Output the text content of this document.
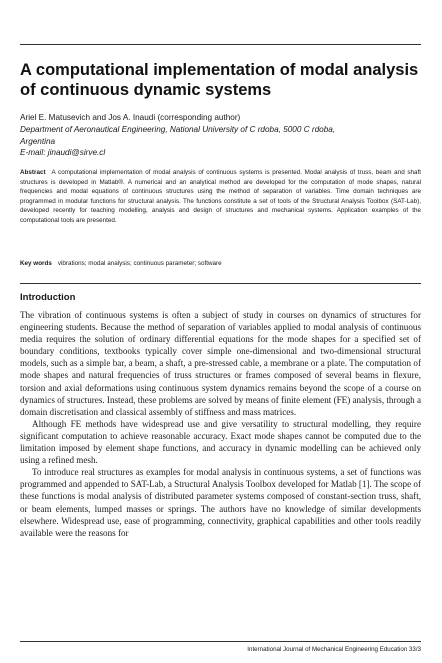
A computational implementation of modal analysis of continuous dynamic systems
Ariel E. Matusevich and Jos A. Inaudi (corresponding author)
Department of Aeronautical Engineering, National University of C rdoba, 5000 C rdoba,
Argentina
E-mail: jinaudi@sirve.cl

Abstract A computational implementation of modal analysis of continuous systems is presented. Modal analysis of truss, beam and shaft structures is developed in Matlab®. A numerical and an analytical method are developed for the computation of mode shapes, natural frequencies and modal equations of continuous structures using the method of separation of variables. Time domain techniques are programmed in modular functions for structural analysis. The functions constitute a set of tools of the Structural Analysis Toolbox (SAT-Lab), developed recently for teaching modelling, analysis and design of structures and mechanical systems. Application examples of the computational tools are presented.

Key words vibrations; modal analysis; continuous parameter; software
Introduction

The vibration of continuous systems is often a subject of study in courses on dynamics of structures for engineering students. Because the method of separation of variables applied to modal analysis of continuous media requires the solution of ordinary differential equations for the mode shapes for a specified set of boundary conditions, textbooks typically cover simple one-dimensional and two-dimensional structural models, such as a simple bar, a beam, a shaft, a pre-stressed cable, a membrane or a plate. The computation of mode shapes and natural frequencies of truss structures or frames composed of several beams in flexure, torsion and axial deformations using continuous system dynamics remains beyond the scope of a course on dynamics of structures. Instead, these problems are solved by means of finite element (FE) analysis, through a domain discretisation and classical assembly of stiffness and mass matrices.

Although FE methods have widespread use and give versatility to structural modelling, they require significant computation to achieve reasonable accuracy. Exact mode shapes cannot be computed due to the limitation imposed by element shape functions, and accuracy in dynamic modelling can be achieved only using a refined mesh.

To introduce real structures as examples for modal analysis in continuous systems, a set of functions was programmed and appended to SAT-Lab, a Structural Analysis Toolbox developed for Matlab [1]. The scope of these functions is modal analysis of distributed parameter systems composed of constant-section truss, shaft, or beam elements, lumped masses or springs. The authors have no knowledge of similar developments elsewhere. Widespread use, ease of programming, connectivity, graphical capabilities and other tools readily available were the reasons for

International Journal of Mechanical Engineering Education 33/3
